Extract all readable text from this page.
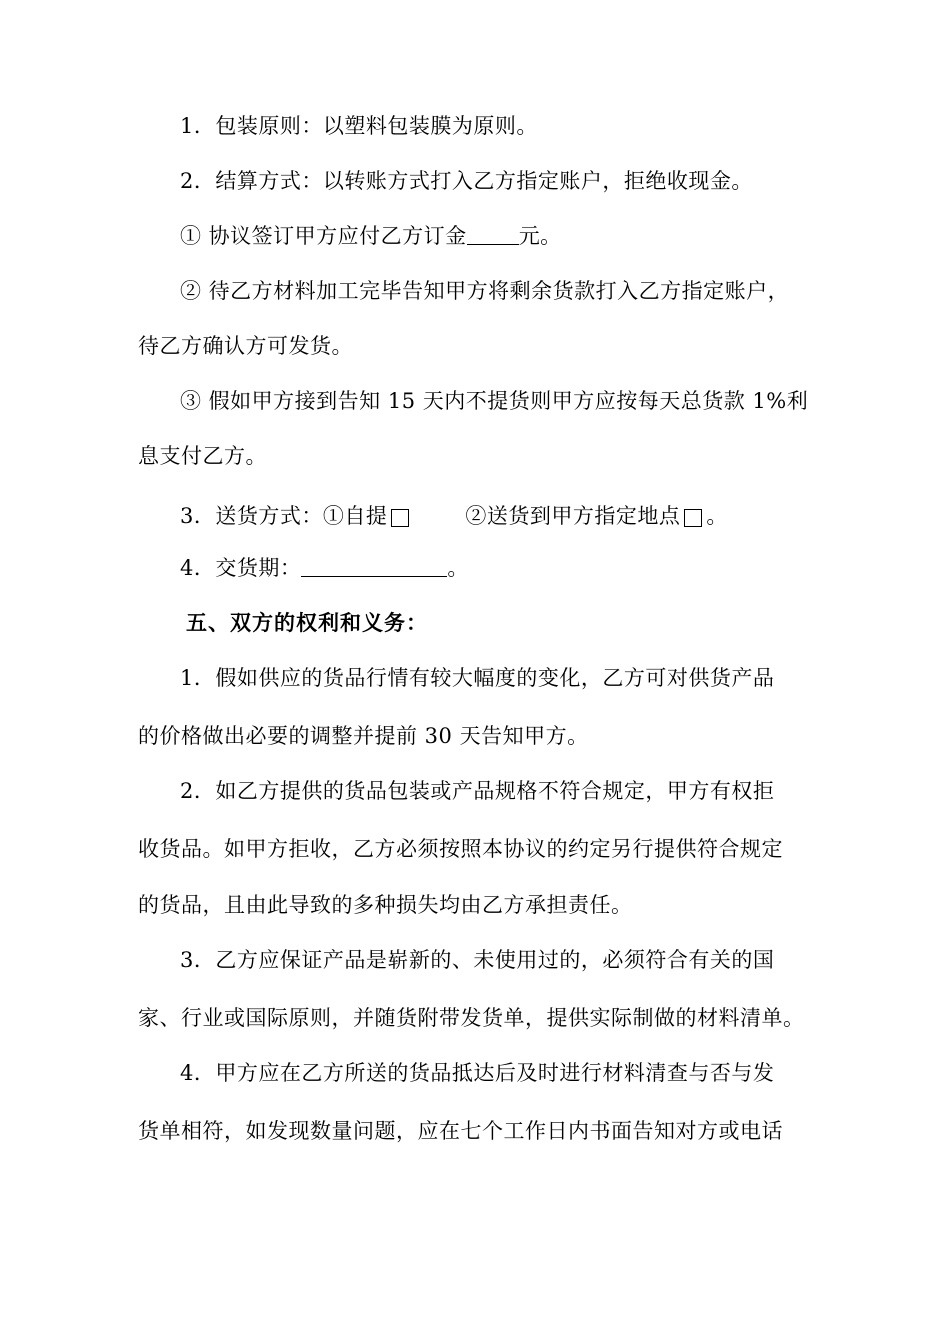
1．包装原则：以塑料包装膜为原则。
2．结算方式：以转账方式打入乙方指定账户，拒绝收现金。
① 协议签订甲方应付乙方订金 元。
② 待乙方材料加工完毕告知甲方将剩余货款打入乙方指定账户，
待乙方确认方可发货。
③ 假如甲方接到告知 15 天内不提货则甲方应按每天总货款 1%利
息支付乙方。
3．送货方式：①自提	②送货到甲方指定地点 。
4．交货期：	。
五、双方的权利和义务：
1．假如供应的货品行情有较大幅度的变化，乙方可对供货产品
的价格做出必要的调整并提前 30 天告知甲方。
2．如乙方提供的货品包装或产品规格不符合规定，甲方有权拒
收货品。如甲方拒收，乙方必须按照本协议的约定另行提供符合规定
的货品，且由此导致的多种损失均由乙方承担责任。
3．乙方应保证产品是崭新的、未使用过的，必须符合有关的国
家、行业或国际原则，并随货附带发货单，提供实际制做的材料清单。
4．甲方应在乙方所送的货品抵达后及时进行材料清查与否与发
货单相符，如发现数量问题，应在七个工作日内书面告知对方或电话
